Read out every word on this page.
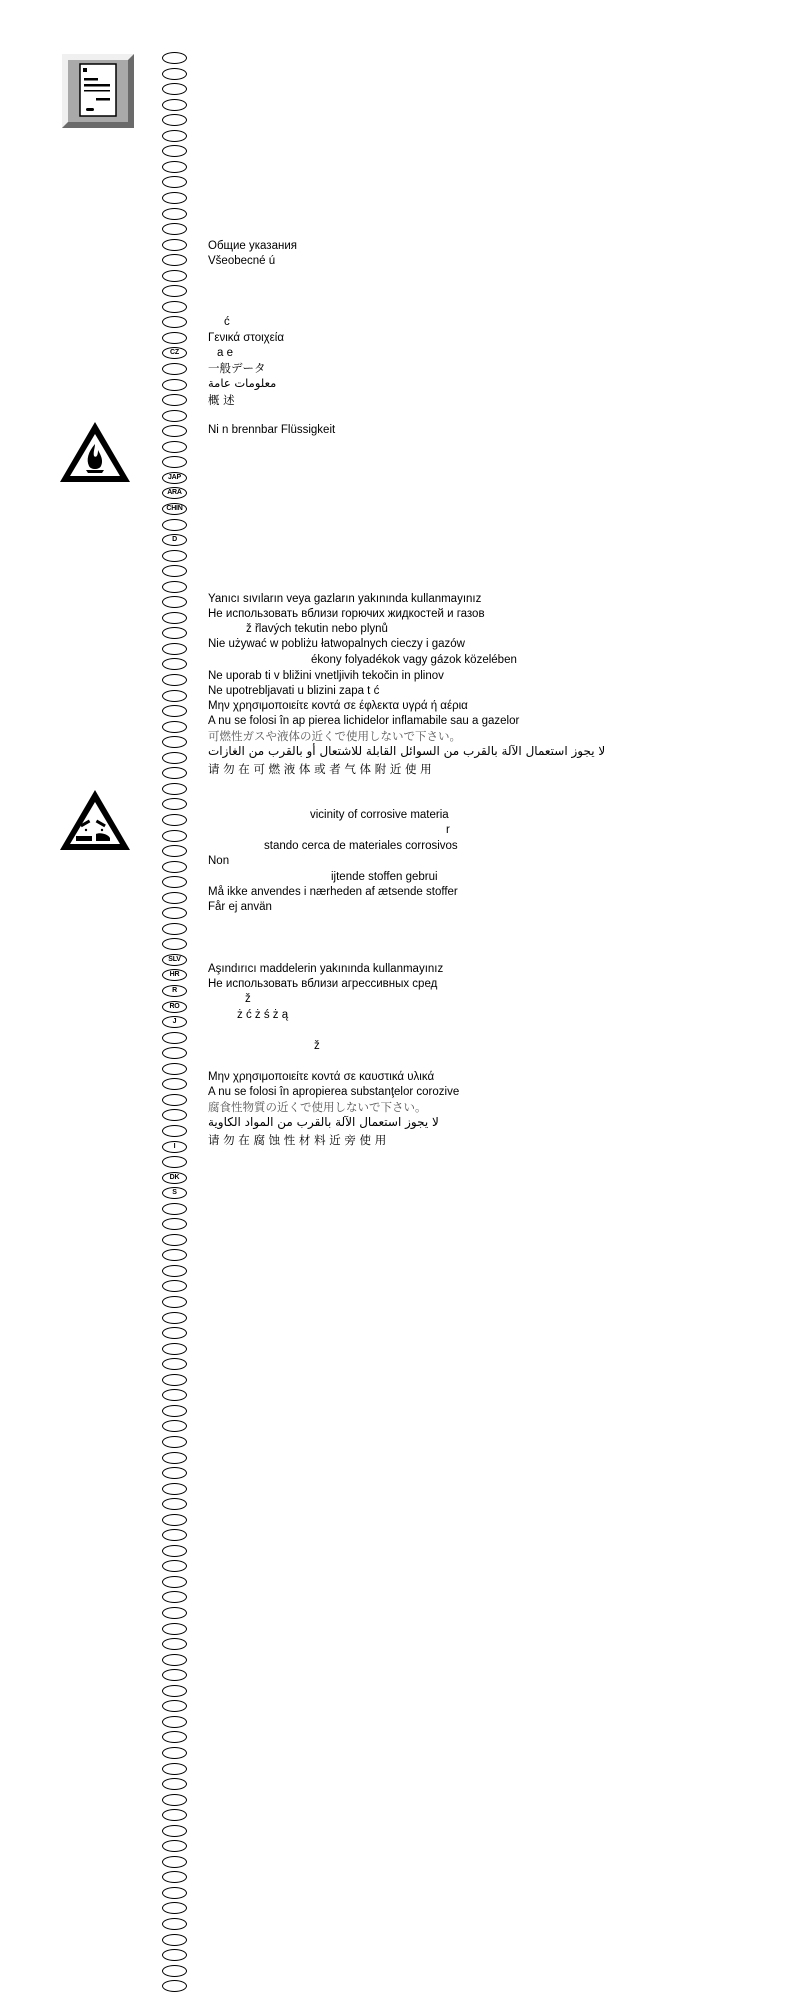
CZ
JAP
ARA
CHIN
D
SLV
HR
R
RO
J
I
DK
S
Общие указания
Všeobecné ú
ć
Γενικά στοιχεία
a e
一般データ
معلومات عامة
概 述
Ni n brennbar Flüssigkeit
Yanıcı sıvıların veya gazların yakınında kullanmayınız
Не использовать вблизи горючих жидкостей и газов
ž řlavých tekutin nebo plynů
Nie używać w pobliżu łatwopalnych cieczy i gazów
ékony folyadékok vagy gázok közelében
Ne uporab ti v bližini vnetljivih tekočin in plinov
Ne upotrebljavati u blizini zapa t ć
Μην χρησιμοποιείτε κοντά σε έφλεκτα υγρά ή αέρια
A nu se folosi în ap pierea lichidelor inflamabile sau a gazelor
可燃性ガスや液体の近くで使用しないで下さい。
لا يجوز استعمال الآلة بالقرب من السوائل القابلة للاشتعال أو بالقرب من الغازات
请 勿 在 可 燃 液 体 或 者 气 体 附 近 使 用
vicinity of corrosive materia
r
stando cerca de materiales corrosivos
Non
ijtende stoffen gebrui
Må ikke anvendes i nærheden af ætsende stoffer
Får ej använ
Aşındırıcı maddelerin yakınında kullanmayınız
Не использовать вблизи агрессивных сред
ž
ż ć ż ś ż ą
ž
Μην χρησιμοποιείτε κοντά σε καυστικά υλικά
A nu se folosi în apropierea substanţelor corozive
腐食性物質の近くで使用しないで下さい。
لا يجوز استعمال الآلة بالقرب من المواد الكاوية
请 勿 在 腐 蚀 性 材 料 近 旁 使 用
